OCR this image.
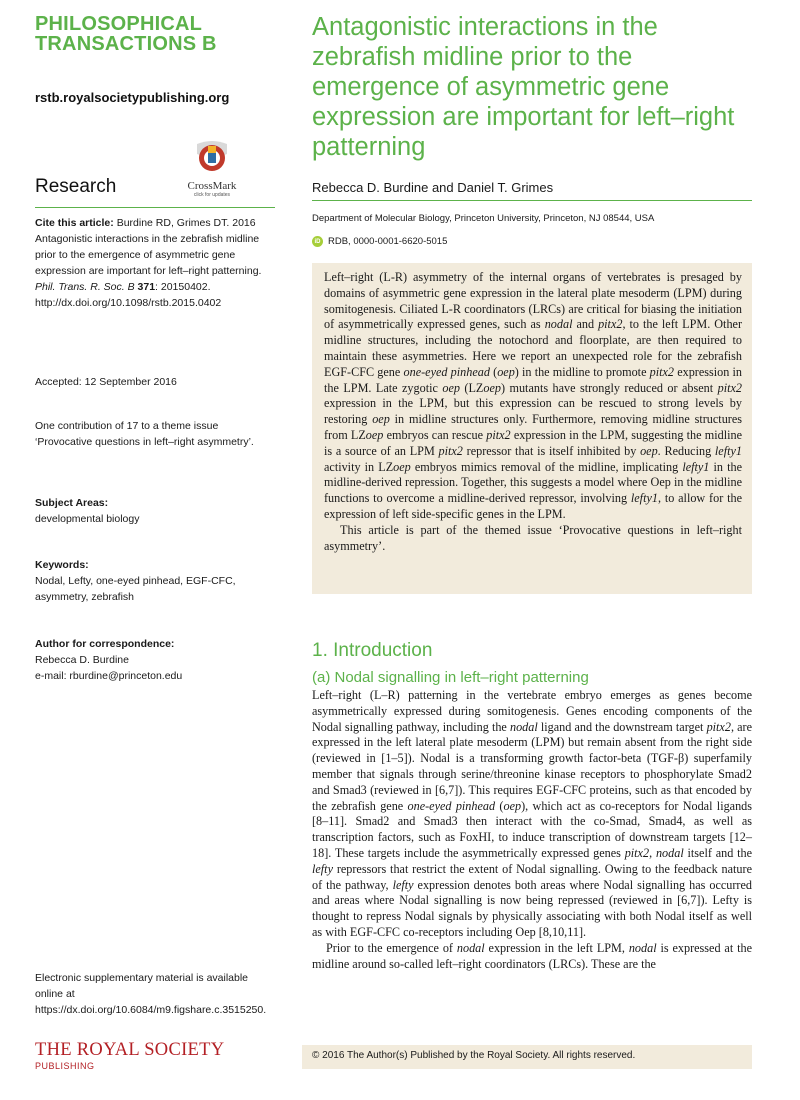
PHILOSOPHICAL
TRANSACTIONS B
rstb.royalsocietypublishing.org
CrossMark
click for updates
Research
Cite this article: Burdine RD, Grimes DT. 2016 Antagonistic interactions in the zebrafish midline prior to the emergence of asymmetric gene expression are important for left–right patterning. Phil. Trans. R. Soc. B 371: 20150402. http://dx.doi.org/10.1098/rstb.2015.0402
Accepted: 12 September 2016
One contribution of 17 to a theme issue ‘Provocative questions in left–right asymmetry’.
Subject Areas:
developmental biology
Keywords:
Nodal, Lefty, one-eyed pinhead, EGF-CFC, asymmetry, zebrafish
Author for correspondence:
Rebecca D. Burdine
e-mail: rburdine@princeton.edu
Electronic supplementary material is available online at https://dx.doi.org/10.6084/m9.figshare.c.3515250.
THE ROYAL SOCIETY
PUBLISHING
Antagonistic interactions in the zebrafish midline prior to the emergence of asymmetric gene expression are important for left–right patterning
Rebecca D. Burdine and Daniel T. Grimes
Department of Molecular Biology, Princeton University, Princeton, NJ 08544, USA
iD RDB, 0000-0001-6620-5015

Left–right (L-R) asymmetry of the internal organs of vertebrates is presaged by domains of asymmetric gene expression in the lateral plate mesoderm (LPM) during somitogenesis. Ciliated L-R coordinators (LRCs) are critical for biasing the initiation of asymmetrically expressed genes, such as nodal and pitx2, to the left LPM. Other midline structures, including the notochord and floorplate, are then required to maintain these asymmetries. Here we report an unexpected role for the zebrafish EGF-CFC gene one-eyed pinhead (oep) in the midline to promote pitx2 expression in the LPM. Late zygotic oep (LZoep) mutants have strongly reduced or absent pitx2 expression in the LPM, but this expression can be rescued to strong levels by restoring oep in midline structures only. Furthermore, removing midline structures from LZoep embryos can rescue pitx2 expression in the LPM, suggesting the midline is a source of an LPM pitx2 repressor that is itself inhibited by oep. Reducing lefty1 activity in LZoep embryos mimics removal of the midline, implicating lefty1 in the midline-derived repression. Together, this suggests a model where Oep in the midline functions to overcome a midline-derived repressor, involving lefty1, to allow for the expression of left side-specific genes in the LPM.

This article is part of the themed issue ‘Provocative questions in left–right asymmetry’.

1. Introduction
(a) Nodal signalling in left–right patterning

Left–right (L–R) patterning in the vertebrate embryo emerges as genes become asymmetrically expressed during somitogenesis. Genes encoding components of the Nodal signalling pathway, including the nodal ligand and the downstream target pitx2, are expressed in the left lateral plate mesoderm (LPM) but remain absent from the right side (reviewed in [1–5]). Nodal is a transforming growth factor-beta (TGF-β) superfamily member that signals through serine/threonine kinase receptors to phosphorylate Smad2 and Smad3 (reviewed in [6,7]). This requires EGF-CFC proteins, such as that encoded by the zebrafish gene one-eyed pinhead (oep), which act as co-receptors for Nodal ligands [8–11]. Smad2 and Smad3 then interact with the co-Smad, Smad4, as well as transcription factors, such as FoxHI, to induce transcription of downstream targets [12–18]. These targets include the asymmetrically expressed genes pitx2, nodal itself and the lefty repressors that restrict the extent of Nodal signalling. Owing to the feedback nature of the pathway, lefty expression denotes both areas where Nodal signalling has occurred and areas where Nodal signalling is now being repressed (reviewed in [6,7]). Lefty is thought to repress Nodal signals by physically associating with both Nodal itself as well as with EGF-CFC co-receptors including Oep [8,10,11].

Prior to the emergence of nodal expression in the left LPM, nodal is expressed at the midline around so-called left–right coordinators (LRCs). These are the

© 2016 The Author(s) Published by the Royal Society. All rights reserved.
